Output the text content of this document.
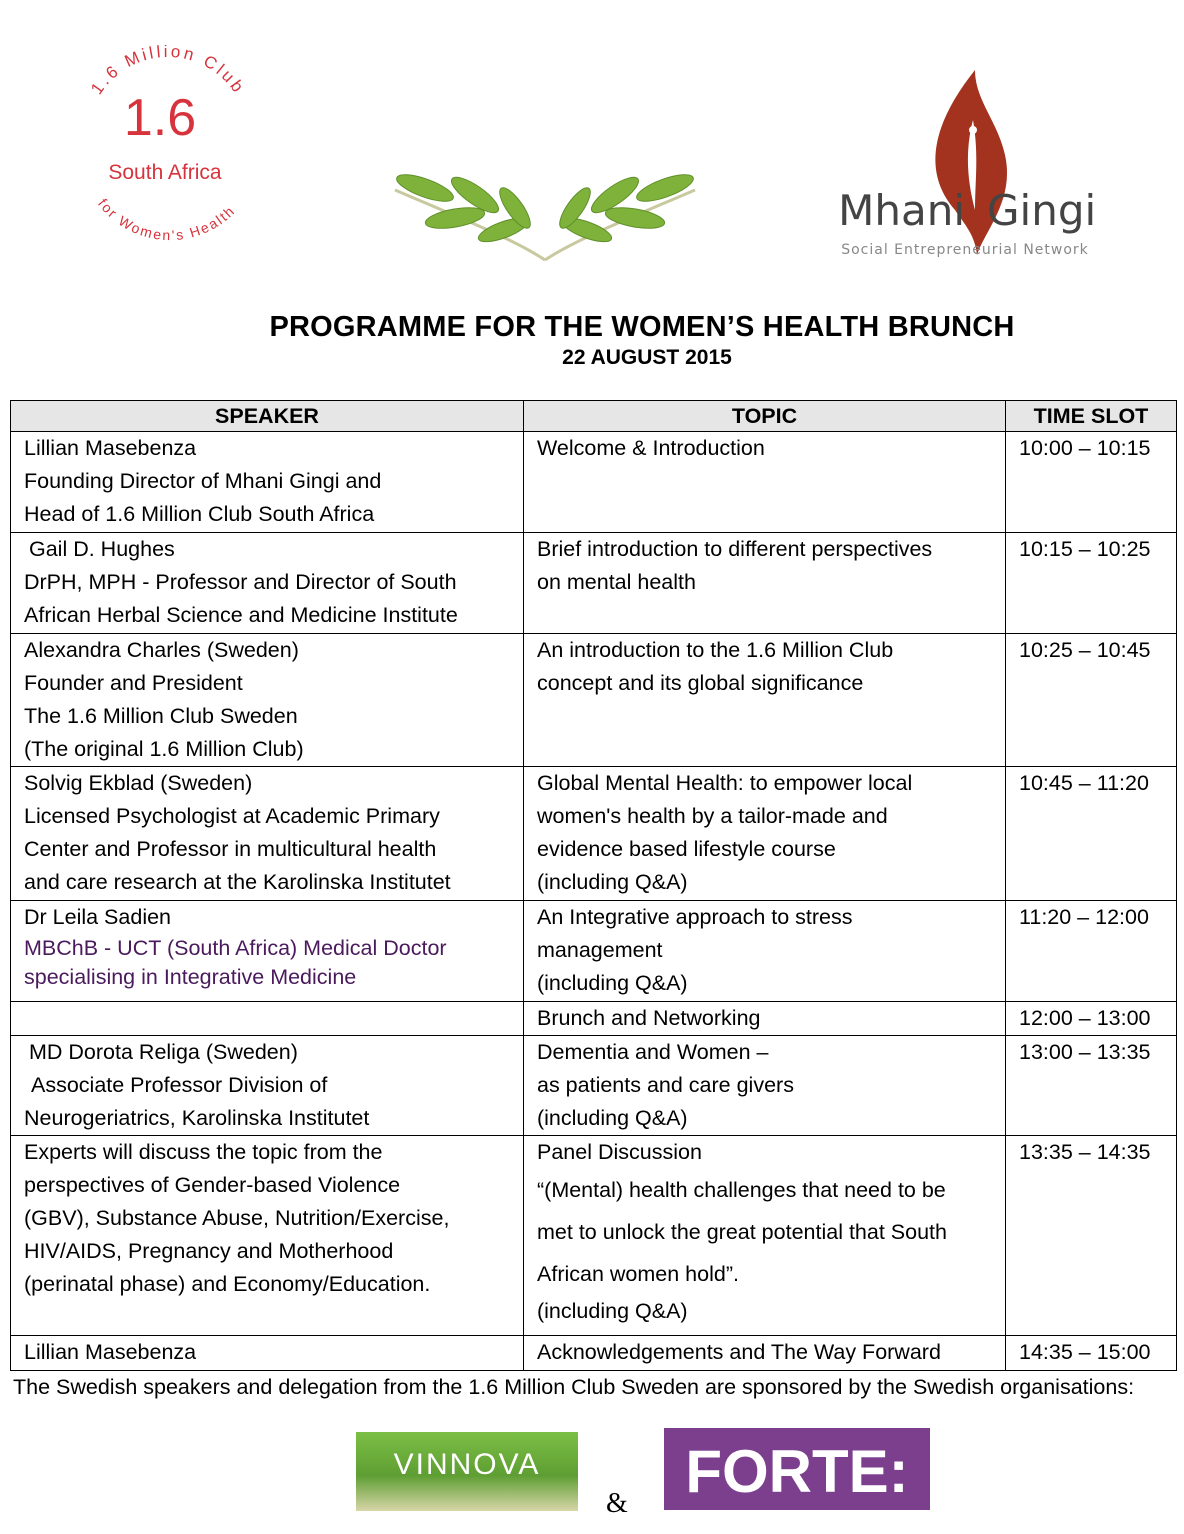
1.6 Million Club
1.6
South Africa
for Women's Health	Mhani Gingi
Social Entrepreneurial Network
PROGRAMME FOR THE WOMEN’S HEALTH BRUNCH
22 AUGUST 2015
SPEAKER	TOPIC	TIME SLOT

Lillian Masebenza
Founding Director of Mhani Gingi and
Head of 1.6 Million Club South Africa	Welcome & Introduction	10:00 – 10:15

Gail D. Hughes
DrPH, MPH - Professor and Director of South
African Herbal Science and Medicine Institute	Brief introduction to different perspectives
on mental health	10:15 – 10:25

Alexandra Charles (Sweden)
Founder and President
The 1.6 Million Club Sweden
(The original 1.6 Million Club)	An introduction to the 1.6 Million Club
concept and its global significance	10:25 – 10:45

Solvig Ekblad (Sweden)
Licensed Psychologist at Academic Primary
Center and Professor in multicultural health
and care research at the Karolinska Institutet	Global Mental Health: to empower local
women's health by a tailor-made and
evidence based lifestyle course
(including Q&A)	10:45 – 11:20

Dr Leila Sadien
MBChB - UCT (South Africa) Medical Doctor
specialising in Integrative Medicine	An Integrative approach to stress
management
(including Q&A)	11:20 – 12:00

	Brunch and Networking	12:00 – 13:00

MD Dorota Religa (Sweden)
Associate Professor Division of
Neurogeriatrics, Karolinska Institutet	Dementia and Women –
as patients and care givers
(including Q&A)	13:00 – 13:35

Experts will discuss the topic from the
perspectives of Gender-based Violence
(GBV), Substance Abuse, Nutrition/Exercise,
HIV/AIDS, Pregnancy and Motherhood
(perinatal phase) and Economy/Education.	Panel Discussion
“(Mental) health challenges that need to be
met to unlock the great potential that South
African women hold”.
(including Q&A)	13:35 – 14:35

Lillian Masebenza	Acknowledgements and The Way Forward	14:35 – 15:00
The Swedish speakers and delegation from the 1.6 Million Club Sweden are sponsored by the Swedish organisations:
VINNOVA
& FORTE:
